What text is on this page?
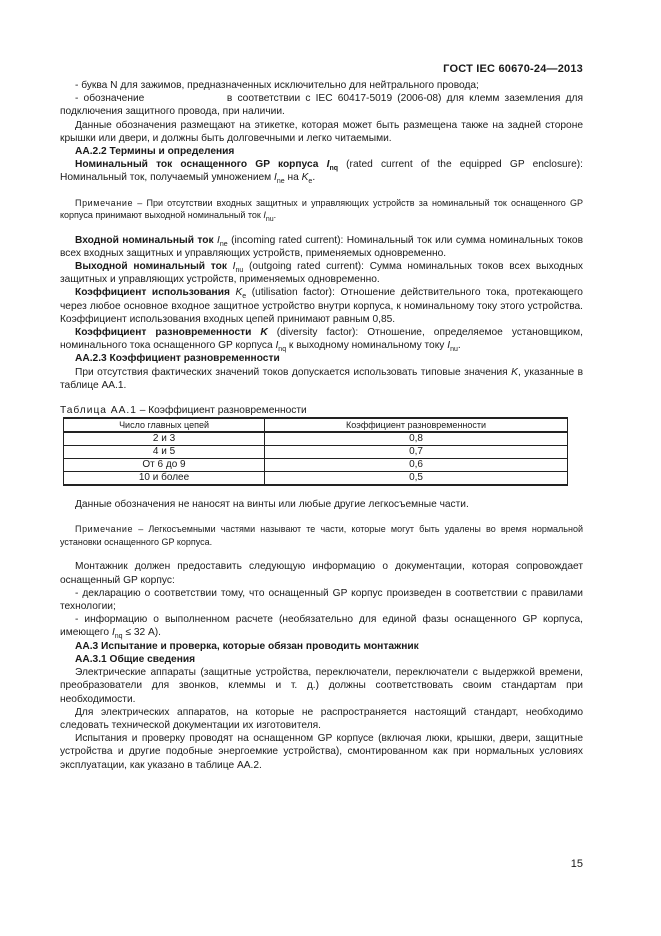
ГОСТ IEC 60670-24—2013

- буква N для зажимов, предназначенных исключительно для нейтрального провода;

- обозначение                в соответствии с IEC 60417-5019 (2006-08) для клемм заземления для подключения защитного провода, при наличии.

Данные обозначения размещают на этикетке, которая может быть размещена также на задней стороне крышки или двери, и должны быть долговечными и легко читаемыми.

АА.2.2 Термины и определения

Номинальный ток оснащенного GP корпуса $I_{nq}$ (rated current of the equipped GP enclosure): Номинальный ток, получаемый умножением $I_{ne}$ на $K_e$.

Примечание – При отсутствии входных защитных и управляющих устройств за номинальный ток оснащенного GP корпуса принимают выходной номинальный ток $I_{nu}$.

Входной номинальный ток $I_{ne}$ (incoming rated current): Номинальный ток или сумма номинальных токов всех входных защитных и управляющих устройств, применяемых одновременно.

Выходной номинальный ток $I_{nu}$ (outgoing rated current): Сумма номинальных токов всех выходных защитных и управляющих устройств, применяемых одновременно.

Коэффициент использования $K_e$ (utilisation factor): Отношение действительного тока, протекающего через любое основное входное защитное устройство внутри корпуса, к номинальному току этого устройства. Коэффициент использования входных цепей принимают равным 0,85.

Коэффициент разновременности K (diversity factor): Отношение, определяемое установщиком, номинального тока оснащенного GP корпуса $I_{nq}$ к выходному номинальному току $I_{nu}$.

АА.2.3 Коэффициент разновременности

При отсутствия фактических значений токов допускается использовать типовые значения K, указанные в таблице АА.1.

Таблица АА.1 – Коэффициент разновременности

Число главных цепей	Коэффициент разновременности
2 и 3	0,8
4 и 5	0,7
От 6 до 9	0,6
10 и более	0,5

Данные обозначения не наносят на винты или любые другие легкосъемные части.

Примечание – Легкосъемными частями называют те части, которые могут быть удалены во время нормальной установки оснащенного GP корпуса.

Монтажник должен предоставить следующую информацию о документации, которая сопровождает оснащенный GP корпус:

- декларацию о соответствии тому, что оснащенный GP корпус произведен в соответствии с правилами технологии;

- информацию о выполненном расчете (необязательно для единой фазы оснащенного GP корпуса, имеющего $I_{nq} \le 32$ А).

АА.3 Испытание и проверка, которые обязан проводить монтажник

АА.3.1 Общие сведения

Электрические аппараты (защитные устройства, переключатели, переключатели с выдержкой времени, преобразователи для звонков, клеммы и т. д.) должны соответствовать своим стандартам при необходимости.

Для электрических аппаратов, на которые не распространяется настоящий стандарт, необходимо следовать технической документации их изготовителя.

Испытания и проверку проводят на оснащенном GP корпусе (включая люки, крышки, двери, защитные устройства и другие подобные энергоемкие устройства), смонтированном как при нормальных условиях эксплуатации, как указано в таблице АА.2.

15
